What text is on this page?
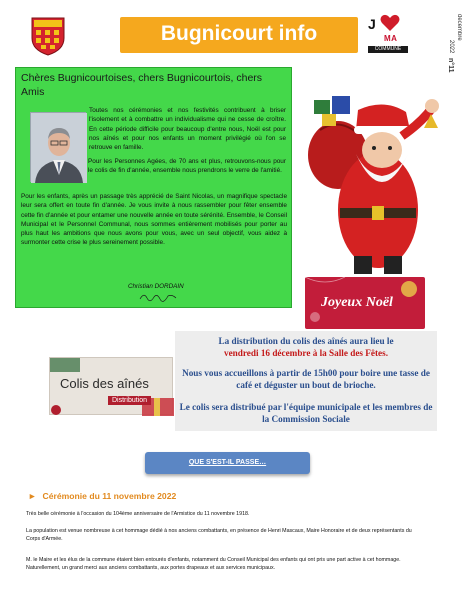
Bugnicourt info	J
MA
COMMUNE
décembre
2022
n°11
Chères Bugnicourtoises, chers Bugnicourtois, chers Amis
Toutes nos cérémonies et nos festivités contribuent à briser l'isolement et à combattre un individualisme qui ne cesse de croître. En cette période difficile pour beaucoup d'entre nous, Noël est pour nos aînés et pour nos enfants un moment privilégié où l'on se retrouve en famille.
Pour les Personnes Agées, de 70 ans et plus, retrouvons-nous pour le colis de fin d'année, ensemble nous prendrons le verre de l'amitié.
Pour les enfants, après un passage très apprécié de Saint Nicolas, un magnifique spectacle leur sera offert en toute fin d'année. Je vous invite à nous rassembler pour fêter ensemble cette fin d'année et pour entamer une nouvelle année en toute sérénité. Ensemble, le Conseil Municipal et le Personnel Communal, nous sommes entièrement mobilisés pour porter au plus haut les ambitions que nous avons pour vous, avec un seul objectif, vous aidez à surmonter cette crise le plus sereinement possible.
Christian DORDAIN
Joyeux Noël
Colis des aînés
Distribution
La distribution du colis des aînés aura lieu le
vendredi 16 décembre à la Salle des Fêtes.
Nous vous accueillons à partir de 15h00 pour boire une tasse de café et déguster un bout de brioche.
Le colis sera distribué par l'équipe municipale et les membres de la Commission Sociale
QUE S'EST-IL PASSE…
► Cérémonie du 11 novembre 2022
Très belle cérémonie à l'occasion du 104ème anniversaire de l'Armistice du 11 novembre 1918.
La population est venue nombreuse à cet hommage dédié à nos anciens combattants, en présence de Henri Mascaux, Maire Honoraire et de deux représentants du Corps d'Armée.
M. le Maire et les élus de la commune étaient bien entourés d'enfants, notamment du Conseil Municipal des enfants qui ont pris une part active à cet hommage. Naturellement, un grand merci aux anciens combattants, aux portes drapeaux et aux services municipaux.
